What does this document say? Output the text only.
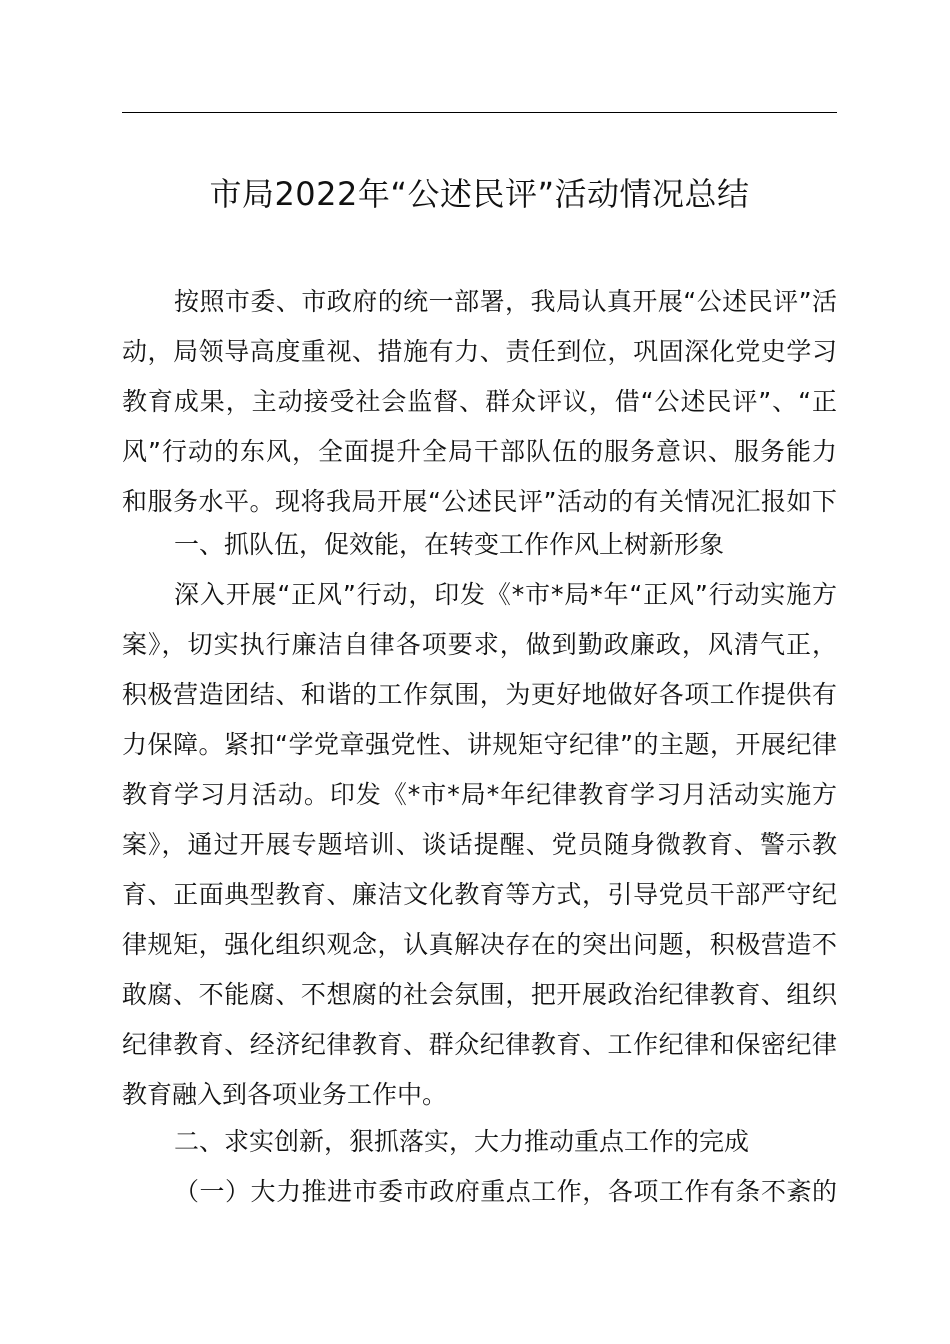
市局2022年“公述民评”活动情况总结
按照市委、市政府的统一部署，我局认真开展“公述民评”活
动，局领导高度重视、措施有力、责任到位，巩固深化党史学习
教育成果，主动接受社会监督、群众评议，借“公述民评”、“正
风”行动的东风，全面提升全局干部队伍的服务意识、服务能力
和服务水平。现将我局开展“公述民评”活动的有关情况汇报如下
一、抓队伍，促效能，在转变工作作风上树新形象
深入开展“正风”行动，印发《*市*局*年“正风”行动实施方
案》，切实执行廉洁自律各项要求，做到勤政廉政，风清气正，
积极营造团结、和谐的工作氛围，为更好地做好各项工作提供有
力保障。紧扣“学党章强党性、讲规矩守纪律”的主题，开展纪律
教育学习月活动。印发《*市*局*年纪律教育学习月活动实施方
案》，通过开展专题培训、谈话提醒、党员随身微教育、警示教
育、正面典型教育、廉洁文化教育等方式，引导党员干部严守纪
律规矩，强化组织观念，认真解决存在的突出问题，积极营造不
敢腐、不能腐、不想腐的社会氛围，把开展政治纪律教育、组织
纪律教育、经济纪律教育、群众纪律教育、工作纪律和保密纪律
教育融入到各项业务工作中。
二、求实创新，狠抓落实，大力推动重点工作的完成
（一）大力推进市委市政府重点工作，各项工作有条不紊的
